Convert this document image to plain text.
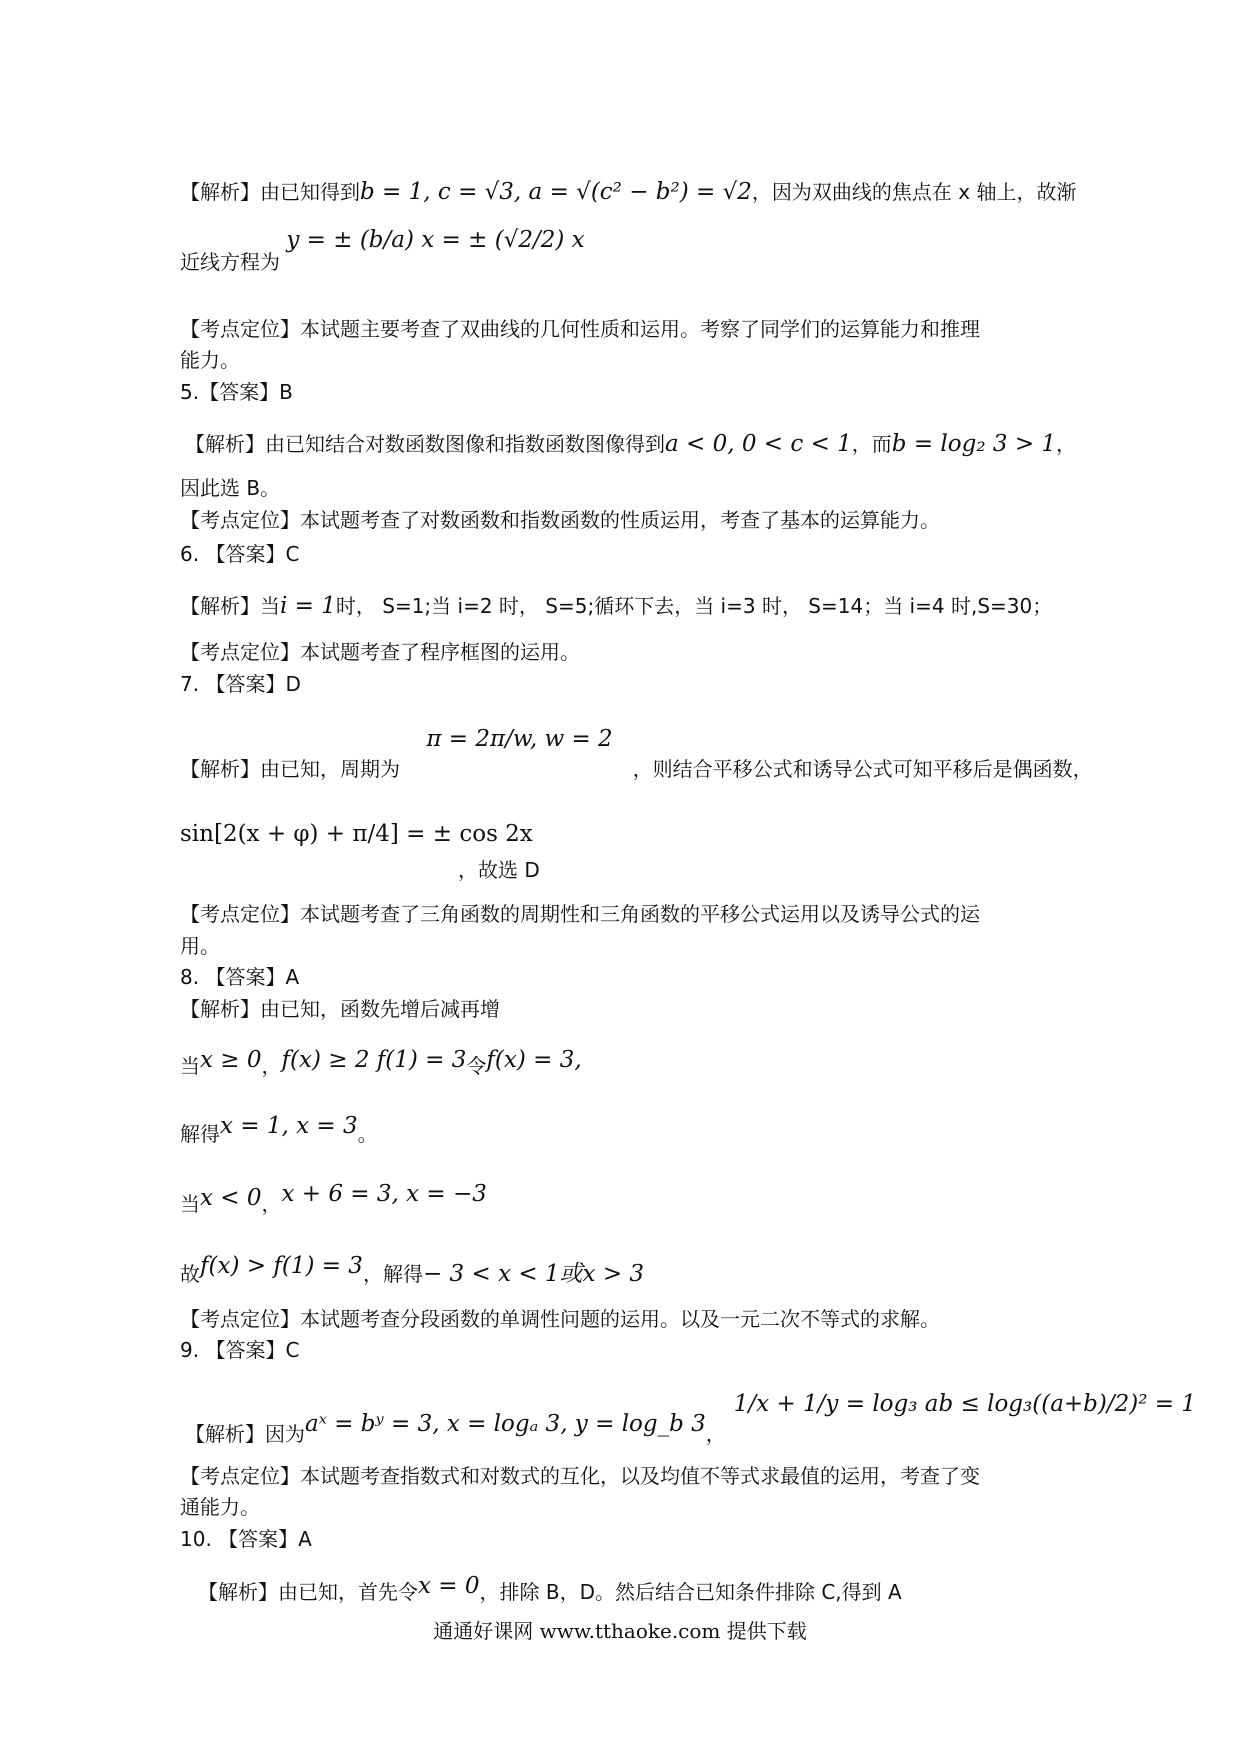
【解析】由已知得到b = 1, c = √3, a = √(c² − b²) = √2，因为双曲线的焦点在 x 轴上，故渐
近线方程为 y = ± (b/a) x = ± (√2/2) x
【考点定位】本试题主要考查了双曲线的几何性质和运用。考察了同学们的运算能力和推理
能力。
5.【答案】B
【解析】由已知结合对数函数图像和指数函数图像得到a < 0, 0 < c < 1，而b = log₂ 3 > 1，
因此选 B。
【考点定位】本试题考查了对数函数和指数函数的性质运用，考查了基本的运算能力。
6. 【答案】C
【解析】当i = 1时， S=1;当 i=2 时， S=5;循环下去，当 i=3 时， S=14；当 i=4 时,S=30；
【考点定位】本试题考查了程序框图的运用。
7. 【答案】D
【解析】由已知，周期为 π = 2π/w, w = 2，则结合平移公式和诱导公式可知平移后是偶函数，
sin[2(x + φ) + π/4] = ± cos 2x
，故选 D
【考点定位】本试题考查了三角函数的周期性和三角函数的平移公式运用以及诱导公式的运
用。
8. 【答案】A
【解析】由已知，函数先增后减再增
当x ≥ 0，f(x) ≥ 2 f(1) = 3令f(x) = 3,
解得x = 1, x = 3。
当x < 0，x + 6 = 3, x = −3
故f(x) > f(1) = 3，解得− 3 < x < 1或x > 3
【考点定位】本试题考查分段函数的单调性问题的运用。以及一元二次不等式的求解。
9. 【答案】C
【解析】因为aˣ = bʸ = 3, x = logₐ 3, y = log_b 3，1/x + 1/y = log₃ ab ≤ log₃((a+b)/2)² = 1
【考点定位】本试题考查指数式和对数式的互化，以及均值不等式求最值的运用，考查了变
通能力。
10. 【答案】A
【解析】由已知，首先令x = 0，排除 B，D。然后结合已知条件排除 C,得到 A
通通好课网 www.tthaoke.com 提供下载
